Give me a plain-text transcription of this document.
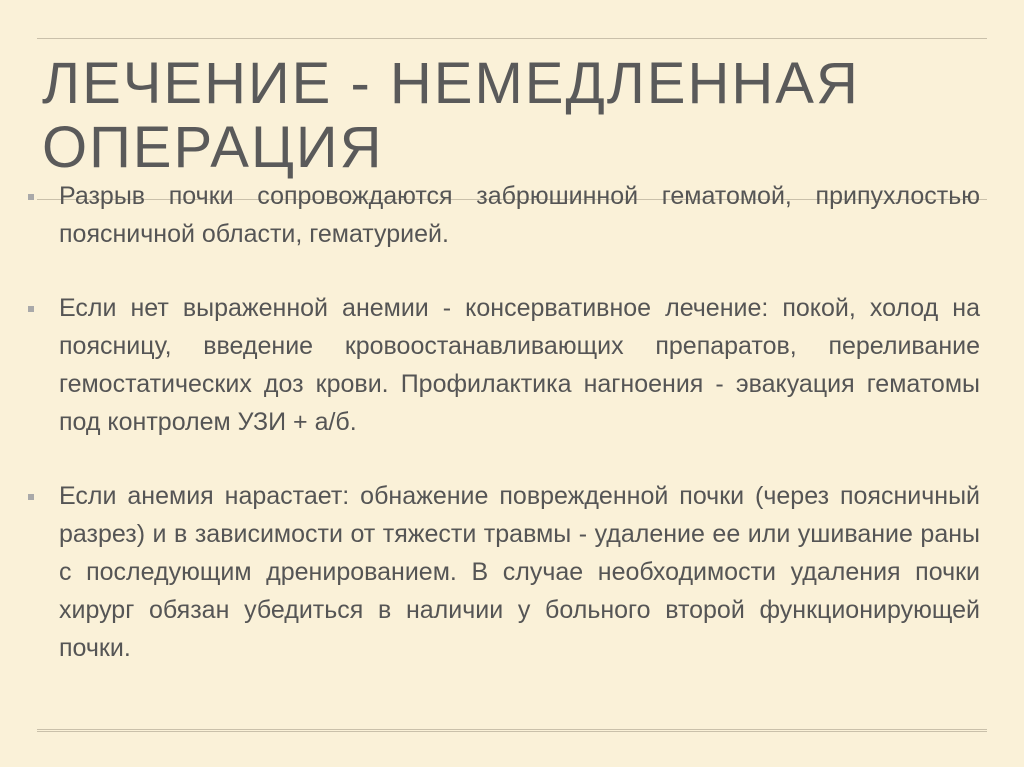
ЛЕЧЕНИЕ - НЕМЕДЛЕННАЯ ОПЕРАЦИЯ
Разрыв почки сопровождаются забрюшинной гематомой, припухлостью поясничной области, гематурией.
Если нет выраженной анемии - консервативное лечение: покой, холод на поясницу, введение кровоостанавливающих препаратов, переливание гемостатических доз крови. Профилактика нагноения - эвакуация гематомы под контролем УЗИ + а/б.
Если анемия нарастает: обнажение поврежденной почки (через поясничный разрез) и в зависимости от тяжести травмы - удаление ее или ушивание раны с последующим дренированием. В случае необходимости удаления почки хирург обязан убедиться в наличии у больного второй функционирующей почки.
